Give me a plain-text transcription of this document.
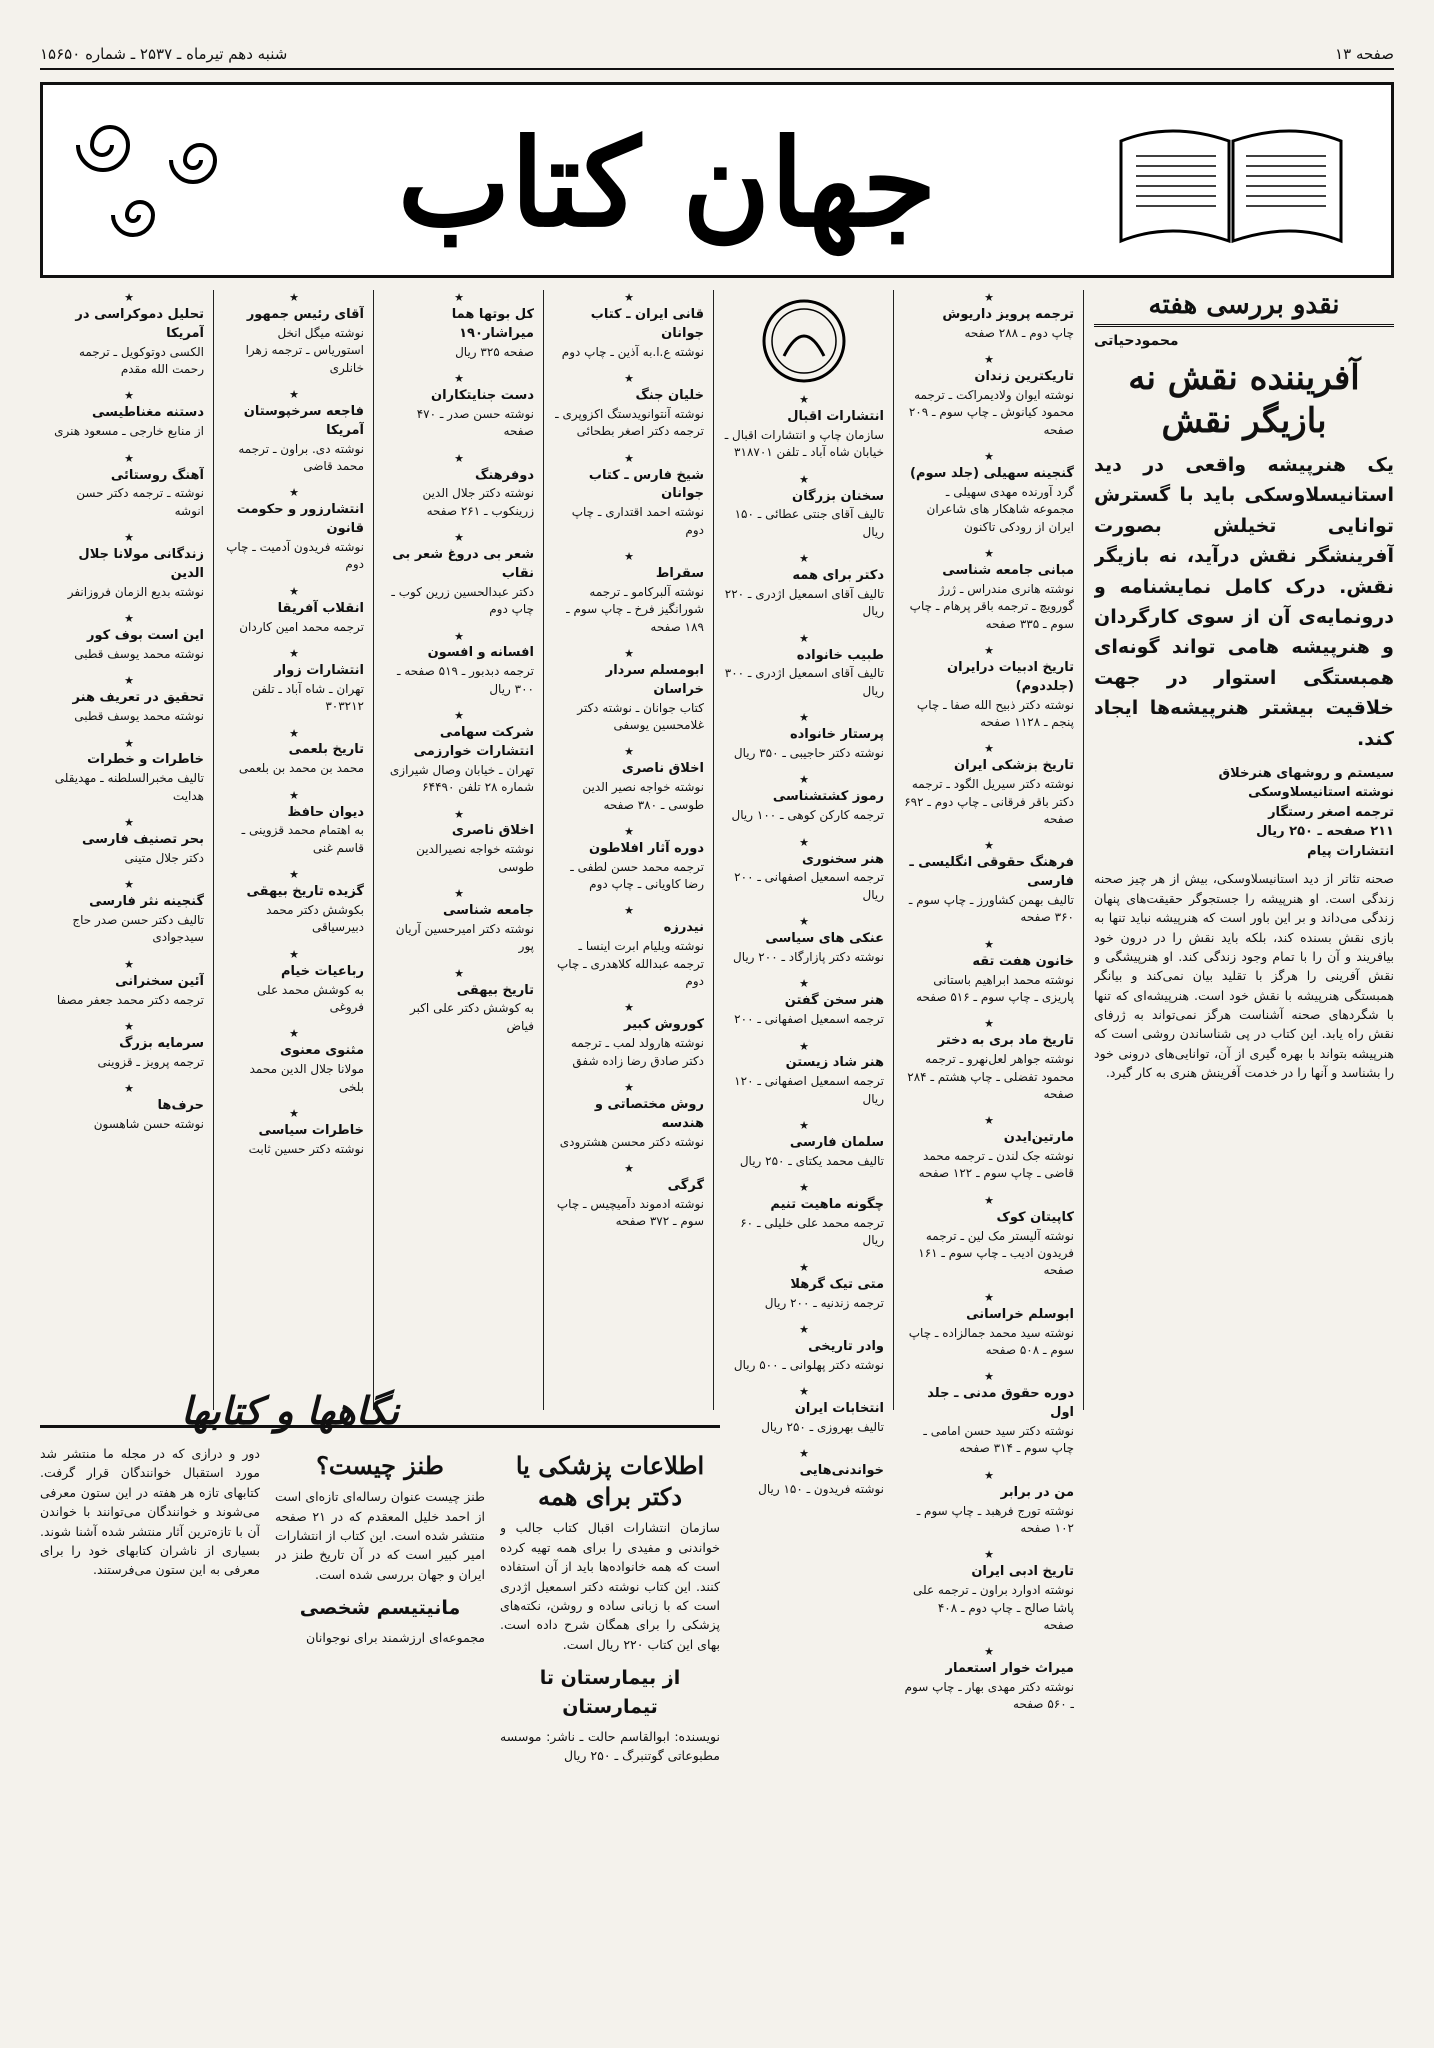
صفحه ۱۳
شنبه دهم تیرماه ـ ۲۵۳۷ ـ شماره ۱۵۶۵۰
جهان کتاب
نقدو بررسی هفته
محمودحیاتی
آفریننده نقش نه بازیگر نقش
یک هنرپیشه واقعی در دید استانیسلاوسکی باید با گسترش توانایی تخیلش بصورت آفرینشگر نقش درآید، نه بازیگر نقش. درک کامل نمایشنامه و درونمایه‌ی آن از سوی کارگردان و هنرپیشه هامی تواند گونه‌ای همبستگی استوار در جهت خلاقیت بیشتر هنرپیشه‌ها ایجاد کند.
سیستم و روشهای هنرخلاق
نوشته استانیسلاوسکی
ترجمه اصغر رستگار
۲۱۱ صفحه ـ ۲۵۰ ریال
انتشارات پیام
صحنه تئاتر از دید استانیسلاوسکی، بیش از هر چیز صحنه زندگی است. او هنرپیشه را جستجوگر حقیقت‌های پنهان زندگی می‌داند و بر این باور است که هنرپیشه نباید تنها به بازی نقش بسنده کند، بلکه باید نقش را در درون خود بیافریند و آن را با تمام وجود زندگی کند. او هنرپیشگی و نقش آفرینی را هرگز با تقلید بیان نمی‌کند و بیانگر همبستگی هنرپیشه با نقش خود است. هنرپیشه‌ای که تنها با شگردهای صحنه آشناست هرگز نمی‌تواند به ژرفای نقش راه یابد. این کتاب در پی شناساندن روشی است که هنرپیشه بتواند با بهره گیری از آن، توانایی‌های درونی خود را بشناسد و آنها را در خدمت آفرینش هنری به کار گیرد.
★
ترجمه پرویز داریوش
چاپ دوم ـ ۲۸۸ صفحه
★
تاریکترین زندان
نوشته ایوان ولادیمراکت ـ ترجمه محمود کیانوش ـ چاپ سوم ـ ۲۰۹ صفحه
★
گنجینه سهیلی (جلد سوم)
گرد آورنده مهدی سهیلی ـ مجموعه شاهکار های شاعران ایران از رودکی تاکنون
★
مبانی جامعه شناسی
نوشته هانری مندراس ـ ژرژ گورویچ ـ ترجمه باقر پرهام ـ چاپ سوم ـ ۳۳۵ صفحه
★
تاریخ ادبیات درایران (جلددوم)
نوشته دکتر ذبیح الله صفا ـ چاپ پنجم ـ ۱۱۲۸ صفحه
★
تاریخ بزشکی ایران
نوشته دکتر سیریل الگود ـ ترجمه دکتر باقر فرقانی ـ چاپ دوم ـ ۶۹۲ صفحه
★
فرهنگ حقوقی انگلیسی ـ فارسی
تالیف بهمن کشاورز ـ چاپ سوم ـ ۳۶۰ صفحه
★
خانون هفت تقه
نوشته محمد ابراهیم باستانی پاریزی ـ چاپ سوم ـ ۵۱۶ صفحه
★
تاریخ ماد بری به دختر
نوشته جواهر لعل‌نهرو ـ ترجمه محمود تفضلی ـ چاپ هشتم ـ ۲۸۴ صفحه
★
مارتین‌ایدن
نوشته جک لندن ـ ترجمه محمد قاضی ـ چاپ سوم ـ ۱۲۲ صفحه
★
کاپیتان کوک
نوشته آلیستر مک لین ـ ترجمه فریدون ادیب ـ چاپ سوم ـ ۱۶۱ صفحه
★
ابوسلم خراسانی
نوشته سید محمد جمالزاده ـ چاپ سوم ـ ۵۰۸ صفحه
★
دوره حقوق مدنی ـ جلد اول
نوشته دکتر سید حسن امامی ـ چاپ سوم ـ ۳۱۴ صفحه
★
من در برابر
نوشته تورج فرهبد ـ چاپ سوم ـ ۱۰۲ صفحه
★
تاریخ ادبی ایران
نوشته ادوارد براون ـ ترجمه علی پاشا صالح ـ چاپ دوم ـ ۴۰۸ صفحه
★
میراث خوار استعمار
نوشته دکتر مهدی بهار ـ چاپ سوم ـ ۵۶۰ صفحه
★
انتشارات اقبال
سازمان چاپ و انتشارات اقبال ـ خیابان شاه آباد ـ تلفن ۳۱۸۷۰۱
★
سخنان بزرگان
تالیف آقای جنتی عطائی ـ ۱۵۰ ریال
★
دکتر برای همه
تالیف آقای اسمعیل اژدری ـ ۲۲۰ ریال
★
طبیب خانواده
تالیف آقای اسمعیل اژدری ـ ۳۰۰ ریال
★
پرستار خانواده
نوشته دکتر حاجیبی ـ ۳۵۰ ریال
★
رموز کشتشناسی
ترجمه کارکن کوهی ـ ۱۰۰ ریال
★
هنر سخنوری
ترجمه اسمعیل اصفهانی ـ ۲۰۰ ریال
★
عنکی های سیاسی
نوشته دکتر پازارگاد ـ ۲۰۰ ریال
★
هنر سخن گفتن
ترجمه اسمعیل اصفهانی ـ ۲۰۰
★
هنر شاد زیستن
ترجمه اسمعیل اصفهانی ـ ۱۲۰ ریال
★
سلمان فارسی
تالیف محمد یکتای ـ ۲۵۰ ریال
★
چگونه ماهیت تنیم
ترجمه محمد علی خلیلی ـ ۶۰ ریال
★
متی تیک گرهلا
ترجمه زندنیه ـ ۲۰۰ ریال
★
وادر تاریخی
نوشته دکتر پهلوانی ـ ۵۰۰ ریال
★
انتخابات ایران
تالیف بهروزی ـ ۲۵۰ ریال
★
خواندنی‌هایی
نوشته فریدون ـ ۱۵۰ ریال
★
قانی ایران ـ کتاب جوانان
نوشته ع.ا.به آذین ـ چاپ دوم
★
خلیان جنگ
نوشته آنتوانویدستگ اکزوپری ـ ترجمه دکتر اصغر بطحائی
★
شیخ فارس ـ کتاب جوانان
نوشته احمد اقتداری ـ چاپ دوم
★
سقراط
نوشته آلبرکامو ـ ترجمه شورانگیز فرخ ـ چاپ سوم ـ ۱۸۹ صفحه
★
ابومسلم سردار خراسان
کتاب جوانان ـ نوشته دکتر غلامحسین یوسفی
★
اخلاق ناصری
نوشته خواجه نصیر الدین طوسی ـ ۳۸۰ صفحه
★
دوره آثار افلاطون
ترجمه محمد حسن لطفی ـ رضا کاویانی ـ چاپ دوم
★
نیدرزه
نوشته ویلیام ابرت اینسا ـ ترجمه عبدالله کلاهدری ـ چاپ دوم
★
کوروش کبیر
نوشته هارولد لمب ـ ترجمه دکتر صادق رضا زاده شفق
★
روش مختصاتی و هندسه
نوشته دکتر محسن هشترودی
★
گرگی
نوشته ادموند دآمیچیس ـ چاپ سوم ـ ۳۷۲ صفحه
★
کل بوتها هما میراشار۱۹۰
صفحه ۳۲۵ ریال
★
دست جنایتکاران
نوشته حسن صدر ـ ۴۷۰ صفحه
★
دوفرهنگ
نوشته دکتر جلال الدین زرینکوب ـ ۲۶۱ صفحه
★
شعر بی دروغ شعر بی نقاب
دکتر عبدالحسین زرین کوب ـ چاپ دوم
★
افسانه و افسون
ترجمه دبدبور ـ ۵۱۹ صفحه ـ ۳۰۰ ریال
★
شرکت سهامی انتشارات خوارزمی
تهران ـ خیابان وصال شیرازی شماره ۲۸ تلفن ۶۴۴۹۰
★
اخلاق ناصری
نوشته خواجه نصیرالدین طوسی
★
جامعه شناسی
نوشته دکتر امیرحسین آریان پور
★
تاریخ بیهقی
به کوشش دکتر علی اکبر فیاض
★
آقای رئیس جمهور
نوشته میگل انخل استوریاس ـ ترجمه زهرا خانلری
★
فاجعه سرخپوستان آمریکا
نوشته دی. براون ـ ترجمه محمد قاضی
★
انتشارزور و حکومت قانون
نوشته فریدون آدمیت ـ چاپ دوم
★
انقلاب آفریقا
ترجمه محمد امین کاردان
★
انتشارات زوار
تهران ـ شاه آباد ـ تلفن ۳۰۳۲۱۲
★
تاریخ بلعمی
محمد بن محمد بن بلعمی
★
دیوان حافظ
به اهتمام محمد قزوینی ـ قاسم غنی
★
گزیده تاریخ بیهقی
بکوشش دکتر محمد دبیرسیاقی
★
رباعیات خیام
به کوشش محمد علی فروغی
★
مثنوی معنوی
مولانا جلال الدین محمد بلخی
★
خاطرات سیاسی
نوشته دکتر حسین ثابت
★
تحلیل دموکراسی در آمریکا
الکسی دوتوکویل ـ ترجمه رحمت الله مقدم
★
دستنه مغناطیسی
از منابع خارجی ـ مسعود هنری
★
آهنگ روستائی
نوشته ـ ترجمه دکتر حسن انوشه
★
زندگانی مولانا جلال الدین
نوشته بدیع الزمان فروزانفر
★
این است بوف کور
نوشته محمد یوسف قطبی
★
تحقیق در تعریف هنر
نوشته محمد یوسف قطبی
★
خاطرات و خطرات
تالیف مخبرالسلطنه ـ مهدیقلی هدایت
★
بحر تصنیف فارسی
دکتر جلال متینی
★
گنجینه نثر فارسی
تالیف دکتر حسن صدر حاج سیدجوادی
★
آئین سخنرانی
ترجمه دکتر محمد جعفر مصفا
★
سرمایه بزرگ
ترجمه پرویز ـ قزوینی
★
حرف‌ها
نوشته حسن شاهسون
نگاهها و کتابها
اطلاعات پزشکی یا دکتر برای همه
سازمان انتشارات اقبال کتاب جالب و خواندنی و مفیدی را برای همه تهیه کرده است که همه خانواده‌ها باید از آن استفاده کنند. این کتاب نوشته دکتر اسمعیل اژدری است که با زبانی ساده و روشن، نکته‌های پزشکی را برای همگان شرح داده است. بهای این کتاب ۲۲۰ ریال است.
از بیمارستان تا تیمارستان
نویسنده: ابوالقاسم حالت ـ ناشر: موسسه مطبوعاتی گوتنبرگ ـ ۲۵۰ ریال
طنز چیست؟
طنز چیست عنوان رساله‌ای تازه‌ای است از احمد خلیل المعقدم که در ۲۱ صفحه منتشر شده است. این کتاب از انتشارات امیر کبیر است که در آن تاریخ طنز در ایران و جهان بررسی شده است.
مانیتیسم شخصی
مجموعه‌ای ارزشمند برای نوجوانان
دور و درازی که در مجله ما منتشر شد مورد استقبال خوانندگان قرار گرفت. کتابهای تازه هر هفته در این ستون معرفی می‌شوند و خوانندگان می‌توانند با خواندن آن با تازه‌ترین آثار منتشر شده آشنا شوند. بسیاری از ناشران کتابهای خود را برای معرفی به این ستون می‌فرستند.
